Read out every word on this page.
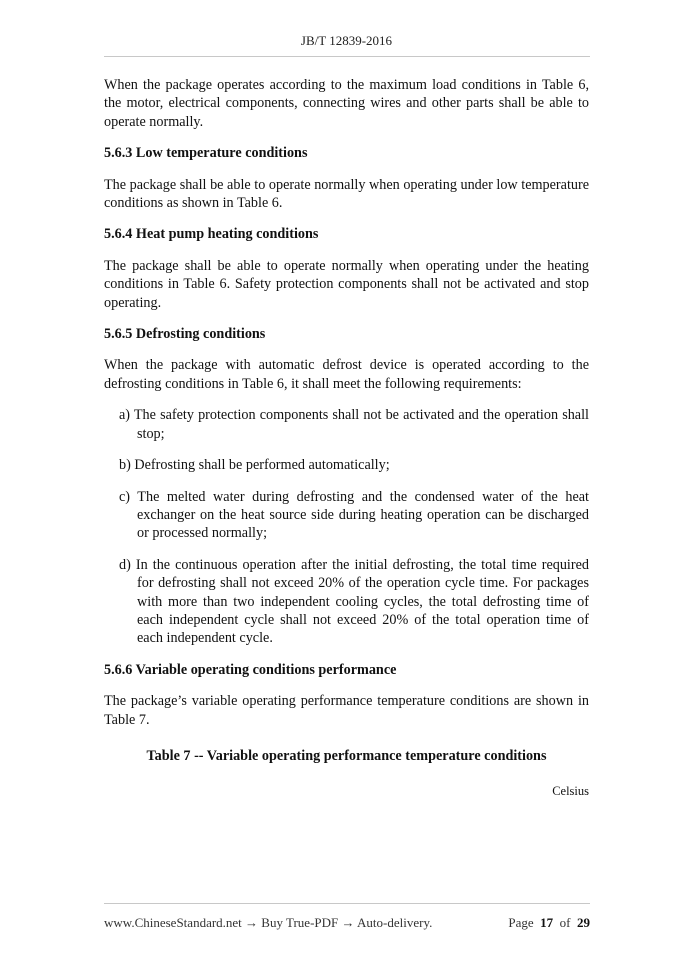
JB/T 12839-2016

When the package operates according to the maximum load conditions in Table 6, the motor, electrical components, connecting wires and other parts shall be able to operate normally.

5.6.3 Low temperature conditions

The package shall be able to operate normally when operating under low temperature conditions as shown in Table 6.

5.6.4 Heat pump heating conditions

The package shall be able to operate normally when operating under the heating conditions in Table 6. Safety protection components shall not be activated and stop operating.

5.6.5 Defrosting conditions

When the package with automatic defrost device is operated according to the defrosting conditions in Table 6, it shall meet the following requirements:

a) The safety protection components shall not be activated and the operation shall stop;
b) Defrosting shall be performed automatically;
c) The melted water during defrosting and the condensed water of the heat exchanger on the heat source side during heating operation can be discharged or processed normally;
d) In the continuous operation after the initial defrosting, the total time required for defrosting shall not exceed 20% of the operation cycle time. For packages with more than two independent cooling cycles, the total defrosting time of each independent cycle shall not exceed 20% of the total operation time of each independent cycle.
5.6.6 Variable operating conditions performance

The package’s variable operating performance temperature conditions are shown in Table 7.

Table 7 -- Variable operating performance temperature conditions
Celsius
www.ChineseStandard.net → Buy True-PDF → Auto-delivery.	Page 17 of 29
